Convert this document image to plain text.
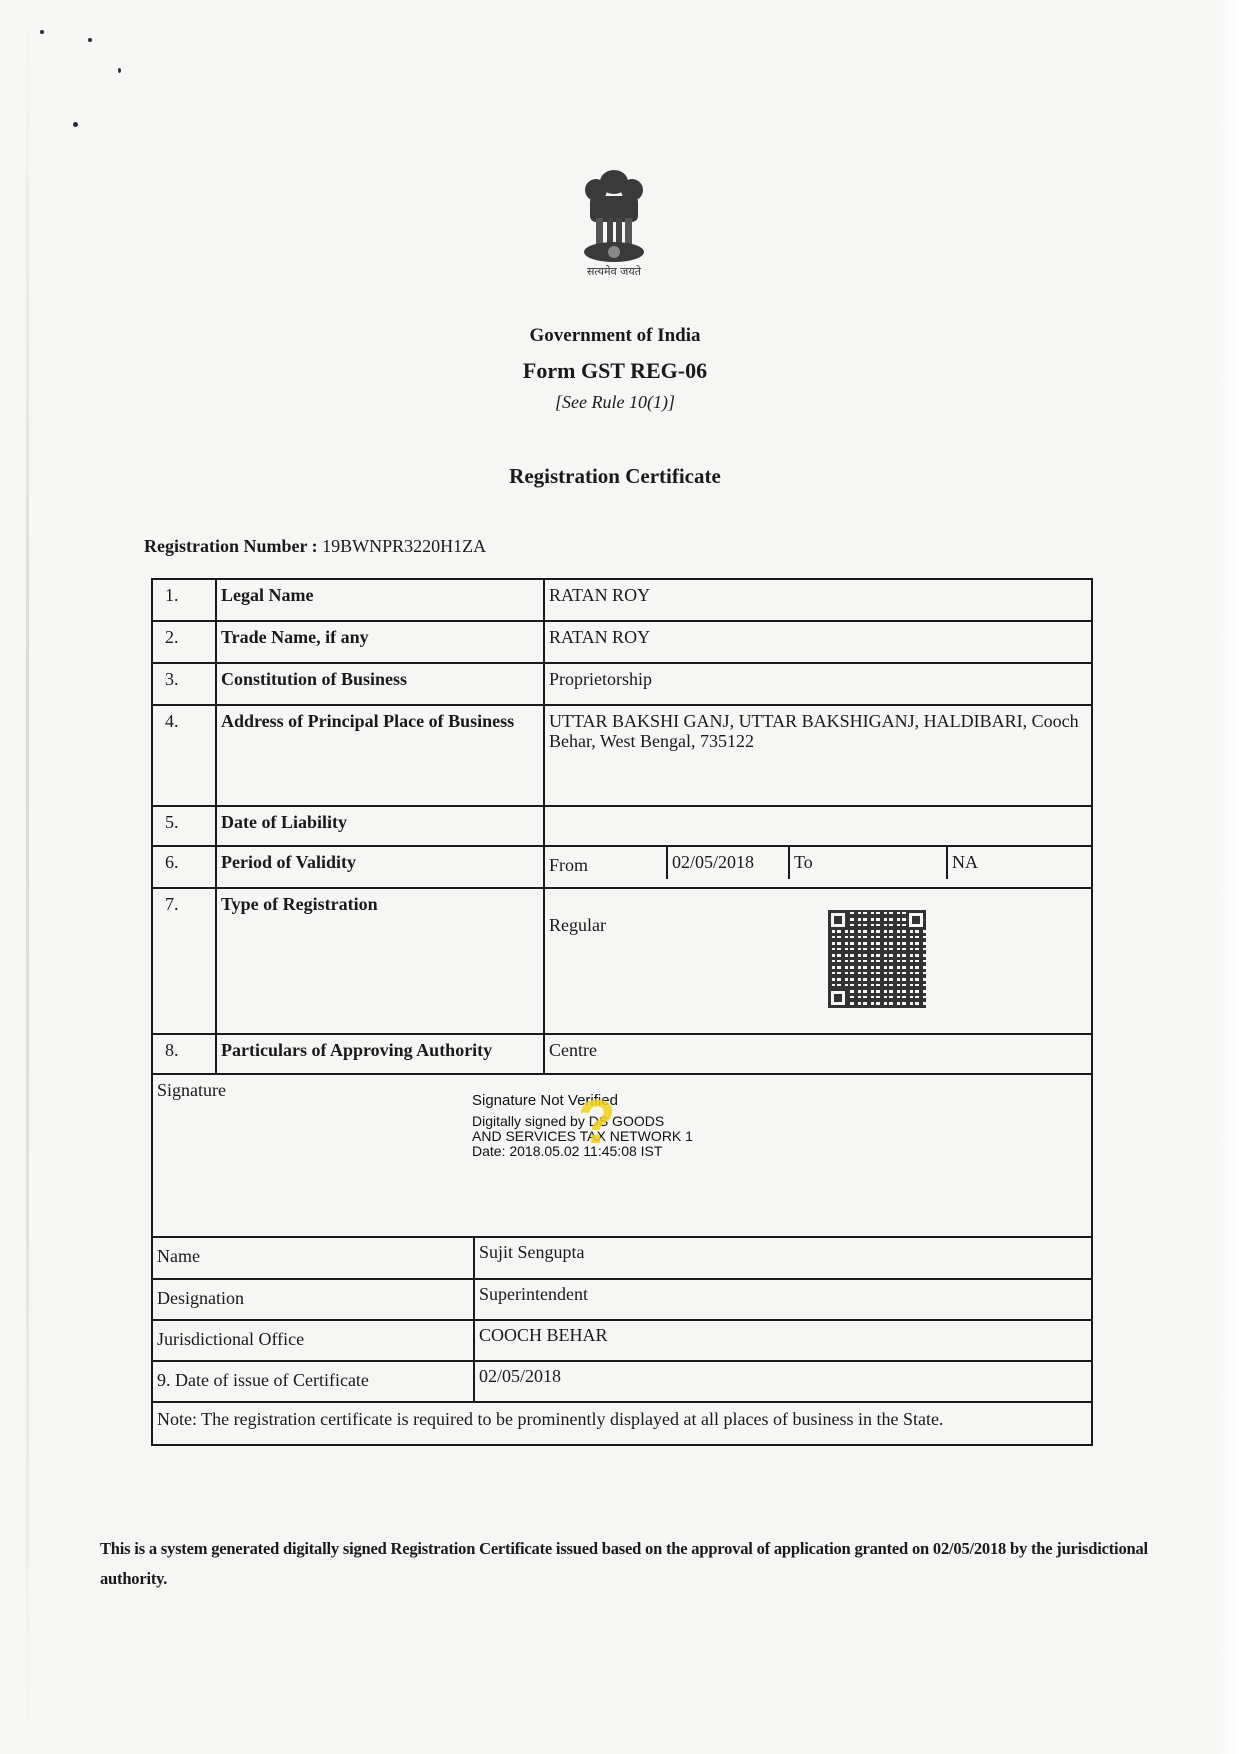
सत्यमेव जयते
Government of India
Form GST REG-06
[See Rule 10(1)]
Registration Certificate
Registration Number : 19BWNPR3220H1ZA
1.	Legal Name	RATAN ROY
2.	Trade Name, if any	RATAN ROY
3.	Constitution of Business	Proprietorship
4.	Address of Principal Place of Business	UTTAR BAKSHI GANJ, UTTAR BAKSHIGANJ, HALDIBARI, Cooch Behar, West Bengal, 735122
5.	Date of Liability	
6.	Period of Validity		From	02/05/2018	To	NA

7.	Type of Registration	Regular
8.	Particulars of Approving Authority	Centre
Signature

Name	Sujit Sengupta
Designation	Superintendent
Jurisdictional Office	COOCH BEHAR
9. Date of issue of Certificate	02/05/2018
Note: The registration certificate is required to be prominently displayed at all places of business in the State.
Signature Not Verified
Digitally signed by DS GOODS
AND SERVICES TAX NETWORK 1
Date: 2018.05.02 11:45:08 IST
?
This is a system generated digitally signed Registration Certificate issued based on the approval of application granted on 02/05/2018 by the jurisdictional authority.
